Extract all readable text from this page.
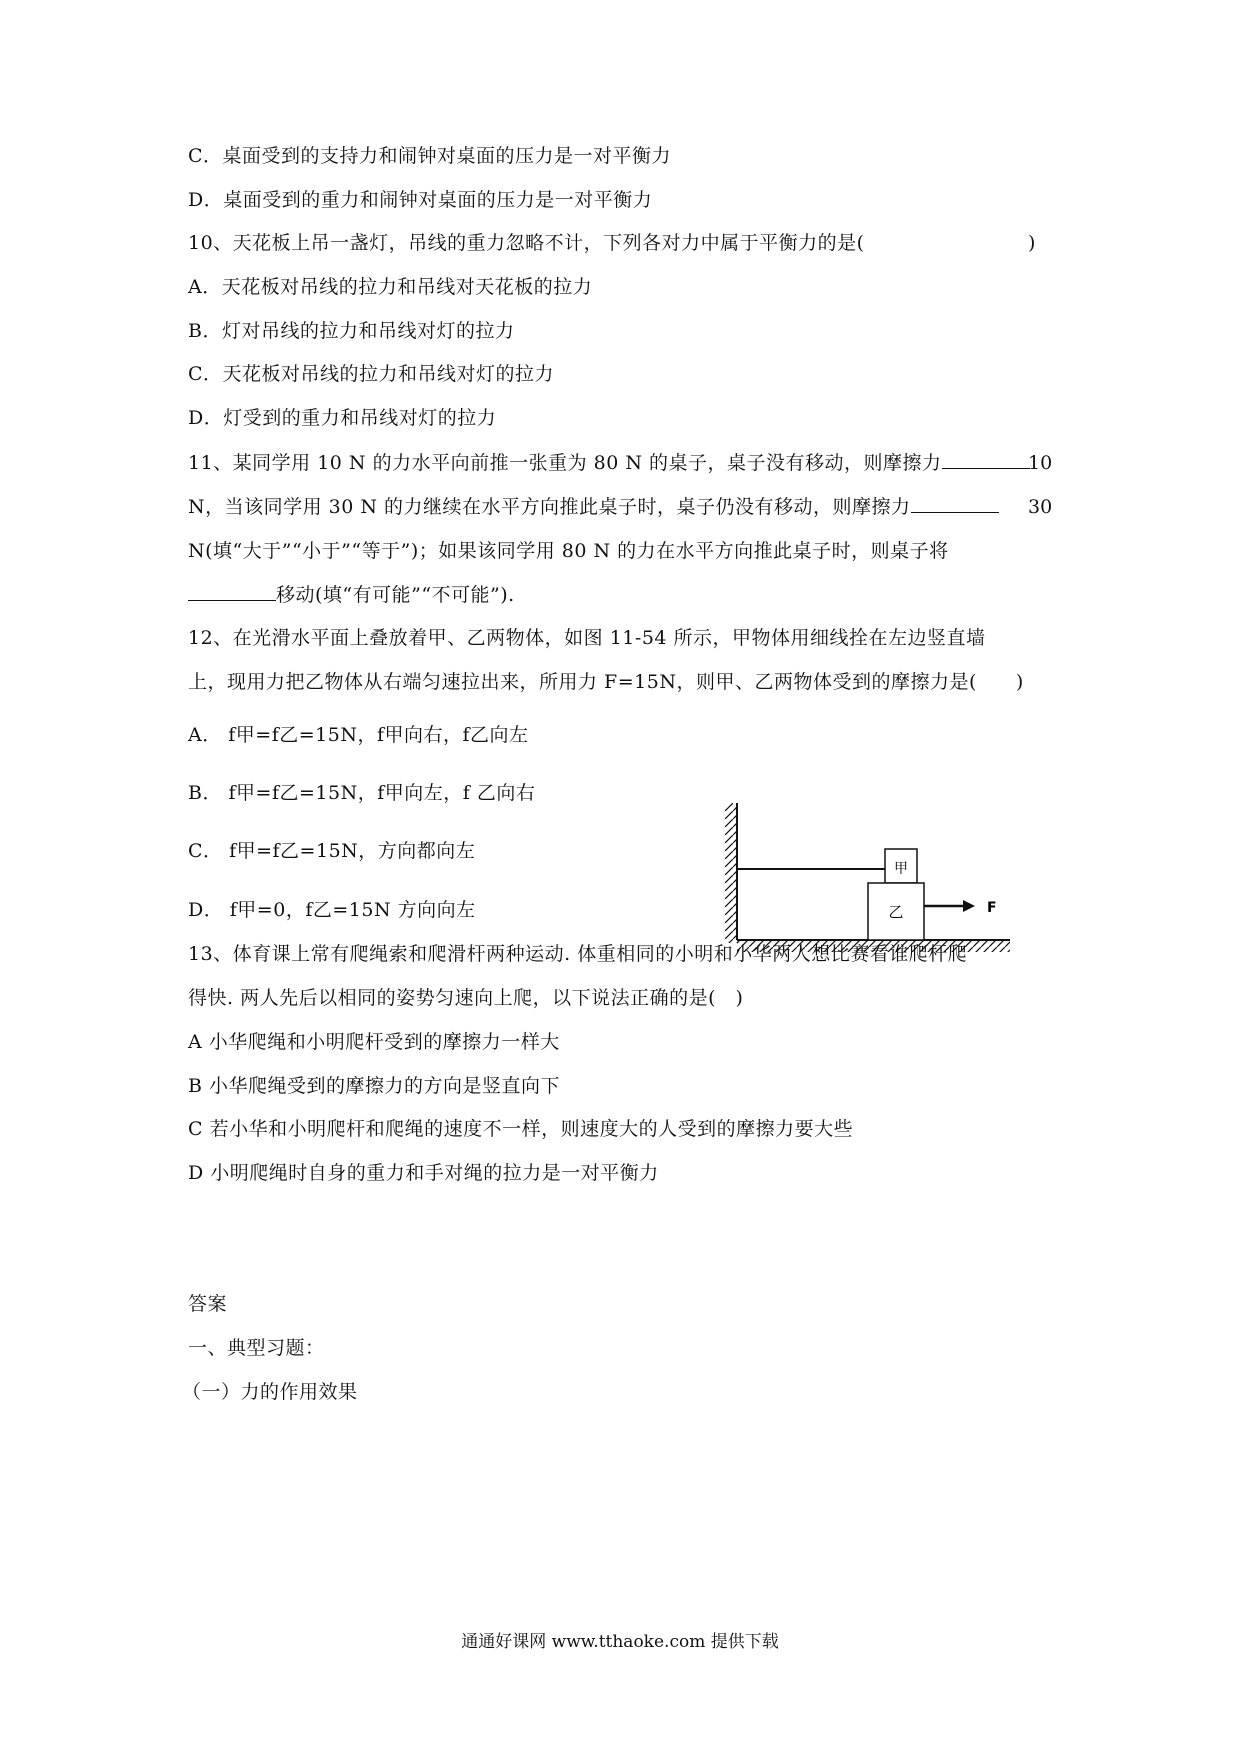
C．桌面受到的支持力和闹钟对桌面的压力是一对平衡力
D．桌面受到的重力和闹钟对桌面的压力是一对平衡力
10、天花板上吊一盏灯，吊线的重力忽略不计，下列各对力中属于平衡力的是(	)
A．天花板对吊线的拉力和吊线对天花板的拉力
B．灯对吊线的拉力和吊线对灯的拉力
C．天花板对吊线的拉力和吊线对灯的拉力
D．灯受到的重力和吊线对灯的拉力
11、某同学用 10 N 的力水平向前推一张重为 80 N 的桌子，桌子没有移动，则摩擦力	10
N，当该同学用 30 N 的力继续在水平方向推此桌子时，桌子仍没有移动，则摩擦力	30
N(填“大于”“小于”“等于”)；如果该同学用 80 N 的力在水平方向推此桌子时，则桌子将
移动(填“有可能”“不可能”).
12、在光滑水平面上叠放着甲、乙两物体，如图 11-54 所示，甲物体用细线拴在左边竖直墙
上，现用力把乙物体从右端匀速拉出来，所用力 F=15N，则甲、乙两物体受到的摩擦力是(　　)
A． f甲=f乙=15N，f甲向右，f乙向左
B． f甲=f乙=15N，f甲向左，f 乙向右
C． f甲=f乙=15N，方向都向左
D． f甲=0，f乙=15N 方向向左
甲
乙	F
13、体育课上常有爬绳索和爬滑杆两种运动. 体重相同的小明和小华两人想比赛看谁爬杆爬
得快. 两人先后以相同的姿势匀速向上爬，以下说法正确的是(　)
A 小华爬绳和小明爬杆受到的摩擦力一样大
B 小华爬绳受到的摩擦力的方向是竖直向下
C 若小华和小明爬杆和爬绳的速度不一样，则速度大的人受到的摩擦力要大些
D 小明爬绳时自身的重力和手对绳的拉力是一对平衡力
答案
一、典型习题：
（一）力的作用效果
通通好课网 www.tthaoke.com 提供下载
